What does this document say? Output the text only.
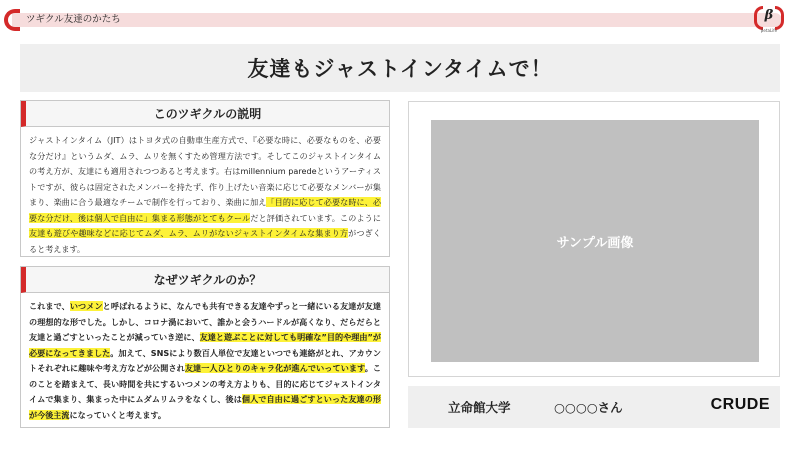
ツギクル友達のかたち	β
βetaLife
友達もジャストインタイムで！
このツギクルの説明
ジャストインタイム（JIT）はトヨタ式の自動車生産方式で、『必要な時に、必要なものを、必要な分だけ』というムダ、ムラ、ムリを無くすため管理方法です。そしてこのジャストインタイムの考え方が、友達にも適用されつつあると考えます。右はmillennium paredeというアーティストですが、彼らは固定されたメンバーを持たず、作り上げたい音楽に応じて必要なメンバーが集まり、楽曲に合う最適なチームで制作を行っており、楽曲に加え「目的に応じて必要な時に、必要な分だけ、後は個人で自由に」集まる形態がとてもクールだと評価されています。このように友達も遊びや趣味などに応じてムダ、ムラ、ムリがないジャストインタイムな集まり方がつぎくると考えます。
なぜツギクルのか？
これまで、いつメンと呼ばれるように、なんでも共有できる友達やずっと一緒にいる友達が友達の理想的な形でした。しかし、コロナ渦において、誰かと会うハードルが高くなり、だらだらと友達と過ごすといったことが減っていき逆に、友達と遊ぶことに対しても明確な”目的や理由”が必要になってきました。加えて、SNSにより数百人単位で友達といつでも連絡がとれ、アカウントそれぞれに趣味や考え方などが公開され友達一人ひとりのキャラ化が進んでいっています。このことを踏まえて、長い時間を共にするいつメンの考え方よりも、目的に応じてジャストインタイムで集まり、集まった中にムダムリムラをなくし、後は個人で自由に過ごすといった友達の形が今後主流になっていくと考えます。
サンプル画像
立命館大学	○○○○さん	CRUDE
